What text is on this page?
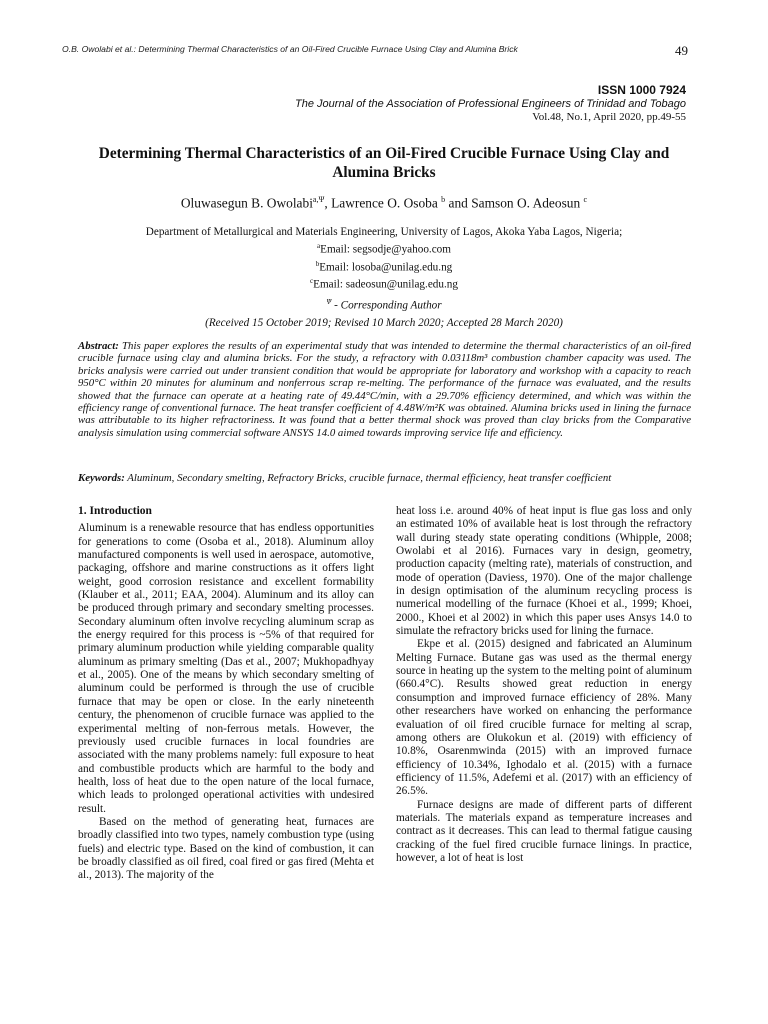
O.B. Owolabi et al.: Determining Thermal Characteristics of an Oil-Fired Crucible Furnace Using Clay and Alumina Brick	49
ISSN 1000 7924
The Journal of the Association of Professional Engineers of Trinidad and Tobago
Vol.48, No.1, April 2020, pp.49-55
Determining Thermal Characteristics of an Oil-Fired Crucible Furnace Using Clay and Alumina Bricks
Oluwasegun B. Owolabi$^{a,\Psi}$, Lawrence O. Osoba $^b$ and Samson O. Adeosun $^c$
Department of Metallurgical and Materials Engineering, University of Lagos, Akoka Yaba Lagos, Nigeria;
$^a$Email: segsodje@yahoo.com
$^b$Email: losoba@unilag.edu.ng
$^c$Email: sadeosun@unilag.edu.ng
$^\Psi$ - Corresponding Author
(Received 15 October 2019; Revised 10 March 2020; Accepted 28 March 2020)
Abstract: This paper explores the results of an experimental study that was intended to determine the thermal characteristics of an oil-fired crucible furnace using clay and alumina bricks. For the study, a refractory with 0.03118m³ combustion chamber capacity was used. The bricks analysis were carried out under transient condition that would be appropriate for laboratory and workshop with a capacity to reach 950°C within 20 minutes for aluminum and nonferrous scrap re-melting. The performance of the furnace was evaluated, and the results showed that the furnace can operate at a heating rate of 49.44°C/min, with a 29.70% efficiency determined, and which was within the efficiency range of conventional furnace. The heat transfer coefficient of 4.48W/m²K was obtained. Alumina bricks used in lining the furnace was attributable to its higher refractoriness. It was found that a better thermal shock was proved than clay bricks from the Comparative analysis simulation using commercial software ANSYS 14.0 aimed towards improving service life and efficiency.
Keywords: Aluminum, Secondary smelting, Refractory Bricks, crucible furnace, thermal efficiency, heat transfer coefficient
1. Introduction

Aluminum is a renewable resource that has endless opportunities for generations to come (Osoba et al., 2018). Aluminum alloy manufactured components is well used in aerospace, automotive, packaging, offshore and marine constructions as it offers light weight, good corrosion resistance and excellent formability (Klauber et al., 2011; EAA, 2004). Aluminum and its alloy can be produced through primary and secondary smelting processes. Secondary aluminum often involve recycling aluminum scrap as the energy required for this process is ~5% of that required for primary aluminum production while yielding comparable quality aluminum as primary smelting (Das et al., 2007; Mukhopadhyay et al., 2005). One of the means by which secondary smelting of aluminum could be performed is through the use of crucible furnace that may be open or close. In the early nineteenth century, the phenomenon of crucible furnace was applied to the experimental melting of non-ferrous metals. However, the previously used crucible furnaces in local foundries are associated with the many problems namely: full exposure to heat and combustible products which are harmful to the body and health, loss of heat due to the open nature of the local furnace, which leads to prolonged operational activities with undesired result.

Based on the method of generating heat, furnaces are broadly classified into two types, namely combustion type (using fuels) and electric type. Based on the kind of combustion, it can be broadly classified as oil fired, coal fired or gas fired (Mehta et al., 2013). The majority of the

heat loss i.e. around 40% of heat input is flue gas loss and only an estimated 10% of available heat is lost through the refractory wall during steady state operating conditions (Whipple, 2008; Owolabi et al 2016). Furnaces vary in design, geometry, production capacity (melting rate), materials of construction, and mode of operation (Daviess, 1970). One of the major challenge in design optimisation of the aluminum recycling process is numerical modelling of the furnace (Khoei et al., 1999; Khoei, 2000., Khoei et al 2002) in which this paper uses Ansys 14.0 to simulate the refractory bricks used for lining the furnace.

Ekpe et al. (2015) designed and fabricated an Aluminum Melting Furnace. Butane gas was used as the thermal energy source in heating up the system to the melting point of aluminum (660.4°C). Results showed great reduction in energy consumption and improved furnace efficiency of 28%. Many other researchers have worked on enhancing the performance evaluation of oil fired crucible furnace for melting al scrap, among others are Olukokun et al. (2019) with efficiency of 10.8%, Osarenmwinda (2015) with an improved furnace efficiency of 10.34%, Ighodalo et al. (2015) with a furnace efficiency of 11.5%, Adefemi et al. (2017) with an efficiency of 26.5%.

Furnace designs are made of different parts of different materials. The materials expand as temperature increases and contract as it decreases. This can lead to thermal fatigue causing cracking of the fuel fired crucible furnace linings. In practice, however, a lot of heat is lost
